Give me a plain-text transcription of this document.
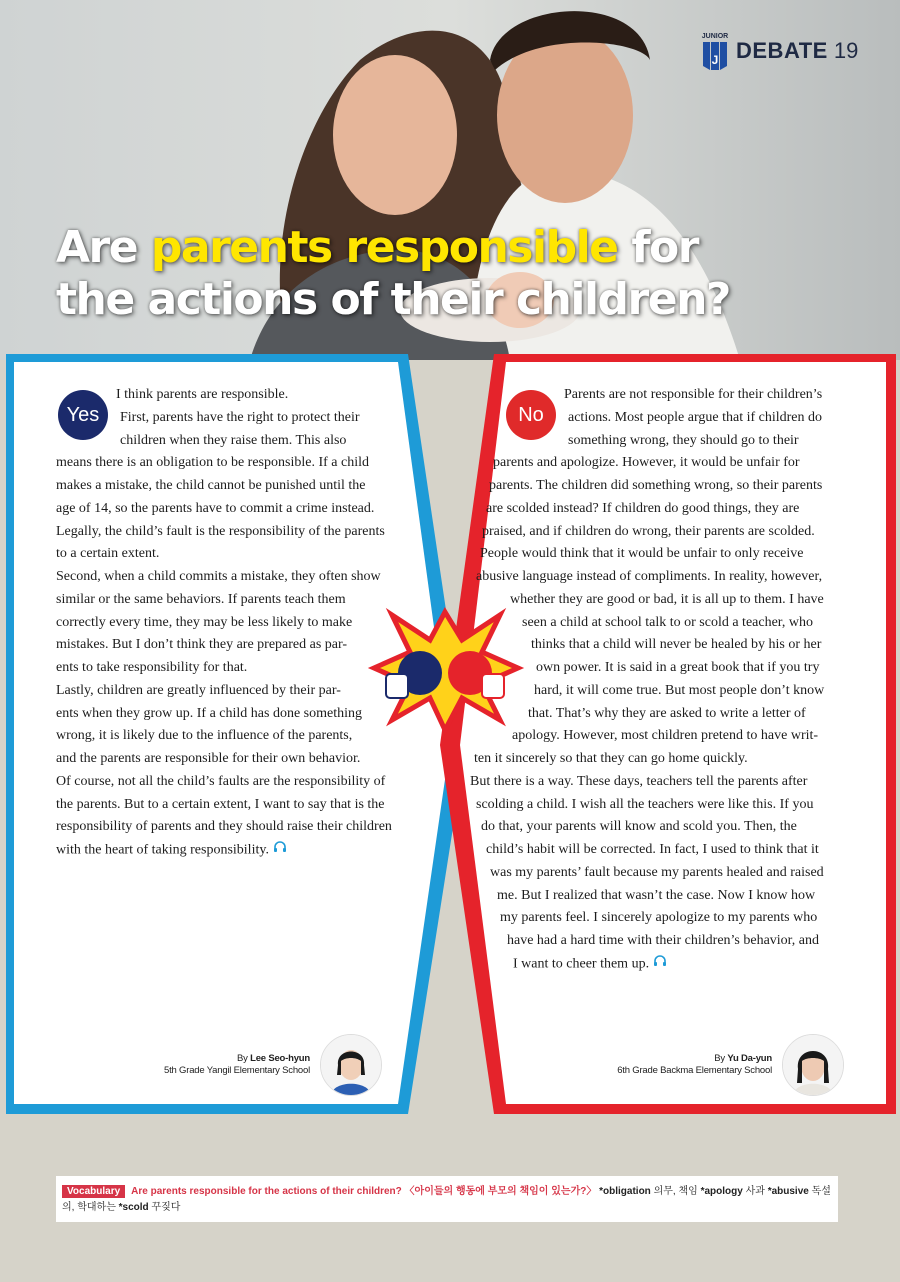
JUNIOR
J DEBATE 19
Are parents responsible for
the actions of their children?
Yes	No

I think parents are responsible.

First, parents have the right to protect their

children when they raise them. This also

means there is an obligation to be responsible. If a child

makes a mistake, the child cannot be punished until the

age of 14, so the parents have to commit a crime instead.

Legally, the child’s fault is the responsibility of the parents

to a certain extent.

Second, when a child commits a mistake, they often show

similar or the same behaviors. If parents teach them

correctly every time, they may be less likely to make

mistakes. But I don’t think they are prepared as par-

ents to take responsibility for that.

Lastly, children are greatly influenced by their par-

ents when they grow up. If a child has done something

wrong, it is likely due to the influence of the parents,

and the parents are responsible for their own behavior.

Of course, not all the child’s faults are the responsibility of

the parents. But to a certain extent, I want to say that is the

responsibility of parents and they should raise their children

with the heart of taking responsibility.

Parents are not responsible for their children’s

actions. Most people argue that if children do

something wrong, they should go to their

parents and apologize. However, it would be unfair for

parents. The children did something wrong, so their parents

are scolded instead? If children do good things, they are

praised, and if children do wrong, their parents are scolded.

People would think that it would be unfair to only receive

abusive language instead of compliments. In reality, however,

whether they are good or bad, it is all up to them. I have

seen a child at school talk to or scold a teacher, who

thinks that a child will never be healed by his or her

own power. It is said in a great book that if you try

hard, it will come true. But most people don’t know

that. That’s why they are asked to write a letter of

apology. However, most children pretend to have writ-

ten it sincerely so that they can go home quickly.

But there is a way. These days, teachers tell the parents after

scolding a child. I wish all the teachers were like this. If you

do that, your parents will know and scold you. Then, the

child’s habit will be corrected. In fact, I used to think that it

was my parents’ fault because my parents healed and raised

me. But I realized that wasn’t the case. Now I know how

my parents feel. I sincerely apologize to my parents who

have had a hard time with their children’s behavior, and

I want to cheer them up.

By Lee Seo-hyun
5th Grade Yangil Elementary School
By Yu Da-yun
6th Grade Backma Elementary School
Vocabulary Are parents responsible for the actions of their children? 〈아이들의 행동에 부모의 책임이 있는가?〉 *obligation 의무, 책임 *apology 사과 *abusive 독설의, 학대하는 *scold 꾸짖다
